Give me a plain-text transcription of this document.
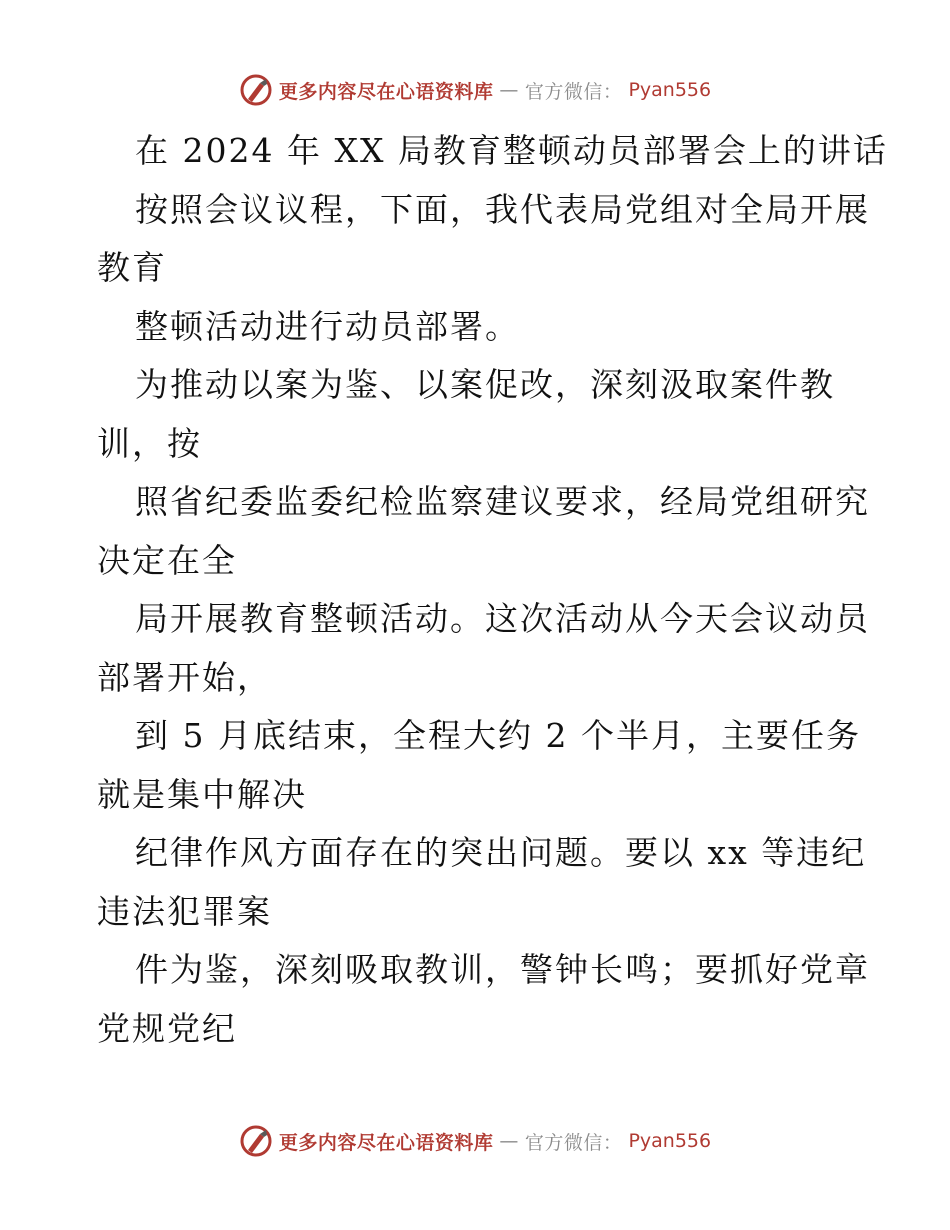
更多内容尽在心语资料库 — 官方微信： Pyan556
在 2024 年 XX 局教育整顿动员部署会上的讲话
按照会议议程，下面，我代表局党组对全局开展
教育
整顿活动进行动员部署。
为推动以案为鉴、以案促改，深刻汲取案件教
训，按
照省纪委监委纪检监察建议要求，经局党组研究
决定在全
局开展教育整顿活动。这次活动从今天会议动员
部署开始，
到 5 月底结束，全程大约 2 个半月，主要任务
就是集中解决
纪律作风方面存在的突出问题。要以 xx 等违纪
违法犯罪案
件为鉴，深刻吸取教训，警钟长鸣；要抓好党章
党规党纪
更多内容尽在心语资料库 — 官方微信： Pyan556
